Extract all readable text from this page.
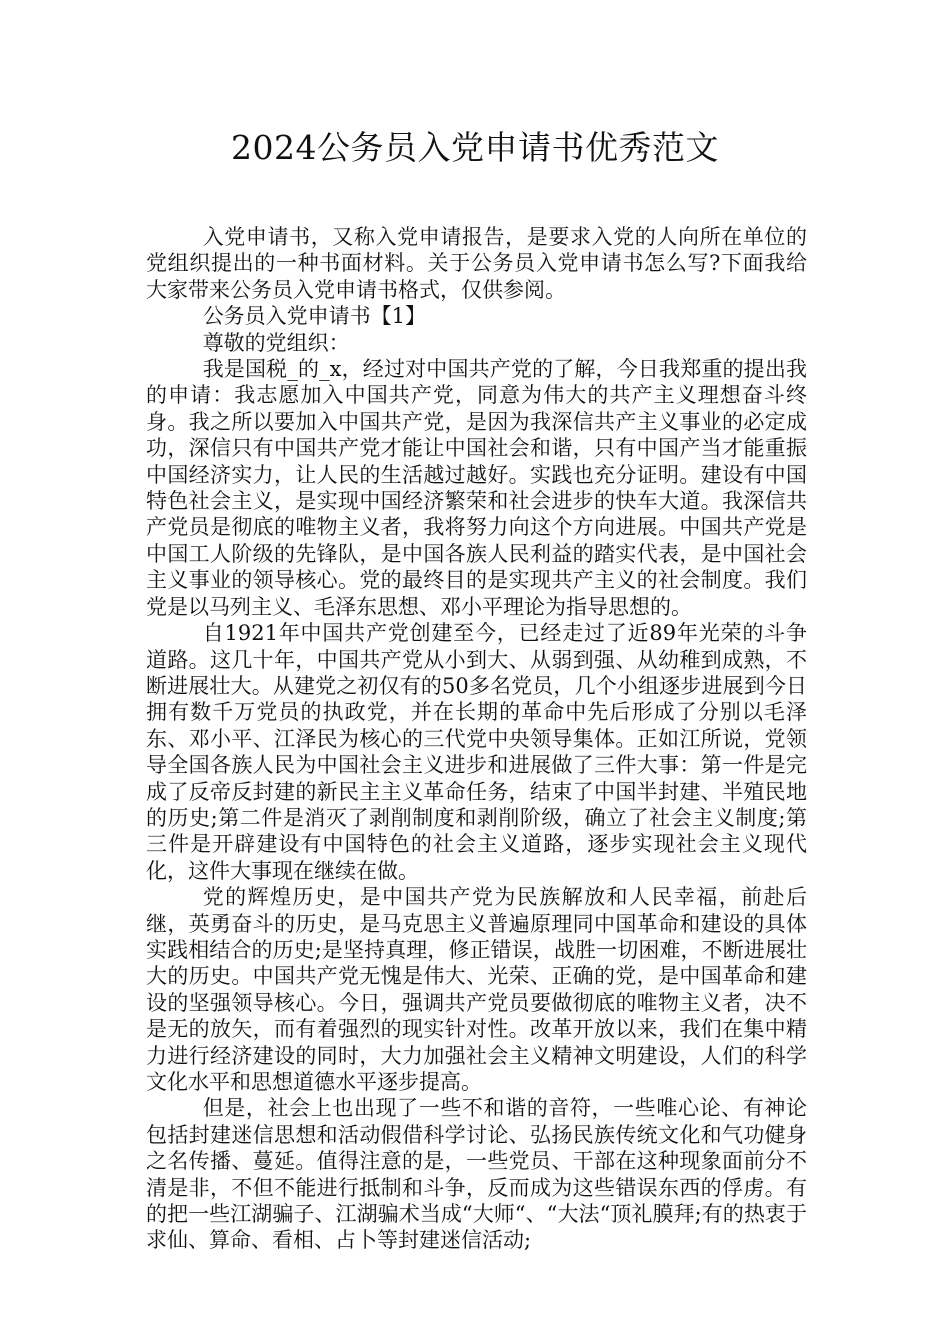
2024公务员入党申请书优秀范文

入党申请书，又称入党申请报告，是要求入党的人向所在单位的党组织提出的一种书面材料。关于公务员入党申请书怎么写?下面我给大家带来公务员入党申请书格式，仅供参阅。

公务员入党申请书【1】

尊敬的党组织：

我是国税_的_x，经过对中国共产党的了解，今日我郑重的提出我的申请：我志愿加入中国共产党，同意为伟大的共产主义理想奋斗终身。我之所以要加入中国共产党，是因为我深信共产主义事业的必定成功，深信只有中国共产党才能让中国社会和谐，只有中国产当才能重振中国经济实力，让人民的生活越过越好。实践也充分证明。建设有中国特色社会主义，是实现中国经济繁荣和社会进步的快车大道。我深信共产党员是彻底的唯物主义者，我将努力向这个方向进展。中国共产党是中国工人阶级的先锋队，是中国各族人民利益的踏实代表，是中国社会主义事业的领导核心。党的最终目的是实现共产主义的社会制度。我们党是以马列主义、毛泽东思想、邓小平理论为指导思想的。

自1921年中国共产党创建至今，已经走过了近89年光荣的斗争道路。这几十年，中国共产党从小到大、从弱到强、从幼稚到成熟，不断进展壮大。从建党之初仅有的50多名党员，几个小组逐步进展到今日拥有数千万党员的执政党，并在长期的革命中先后形成了分别以毛泽东、邓小平、江泽民为核心的三代党中央领导集体。正如江所说，党领导全国各族人民为中国社会主义进步和进展做了三件大事：第一件是完成了反帝反封建的新民主主义革命任务，结束了中国半封建、半殖民地的历史;第二件是消灭了剥削制度和剥削阶级，确立了社会主义制度;第三件是开辟建设有中国特色的社会主义道路，逐步实现社会主义现代化，这件大事现在继续在做。

党的辉煌历史，是中国共产党为民族解放和人民幸福，前赴后继，英勇奋斗的历史，是马克思主义普遍原理同中国革命和建设的具体实践相结合的历史;是坚持真理，修正错误，战胜一切困难，不断进展壮大的历史。中国共产党无愧是伟大、光荣、正确的党，是中国革命和建设的坚强领导核心。今日，强调共产党员要做彻底的唯物主义者，决不是无的放矢，而有着强烈的现实针对性。改革开放以来，我们在集中精力进行经济建设的同时，大力加强社会主义精神文明建设，人们的科学文化水平和思想道德水平逐步提高。

但是，社会上也出现了一些不和谐的音符，一些唯心论、有神论包括封建迷信思想和活动假借科学讨论、弘扬民族传统文化和气功健身之名传播、蔓延。值得注意的是，一些党员、干部在这种现象面前分不清是非，不但不能进行抵制和斗争，反而成为这些错误东西的俘虏。有的把一些江湖骗子、江湖骗术当成“大师“、“大法“顶礼膜拜;有的热衷于求仙、算命、看相、占卜等封建迷信活动;
